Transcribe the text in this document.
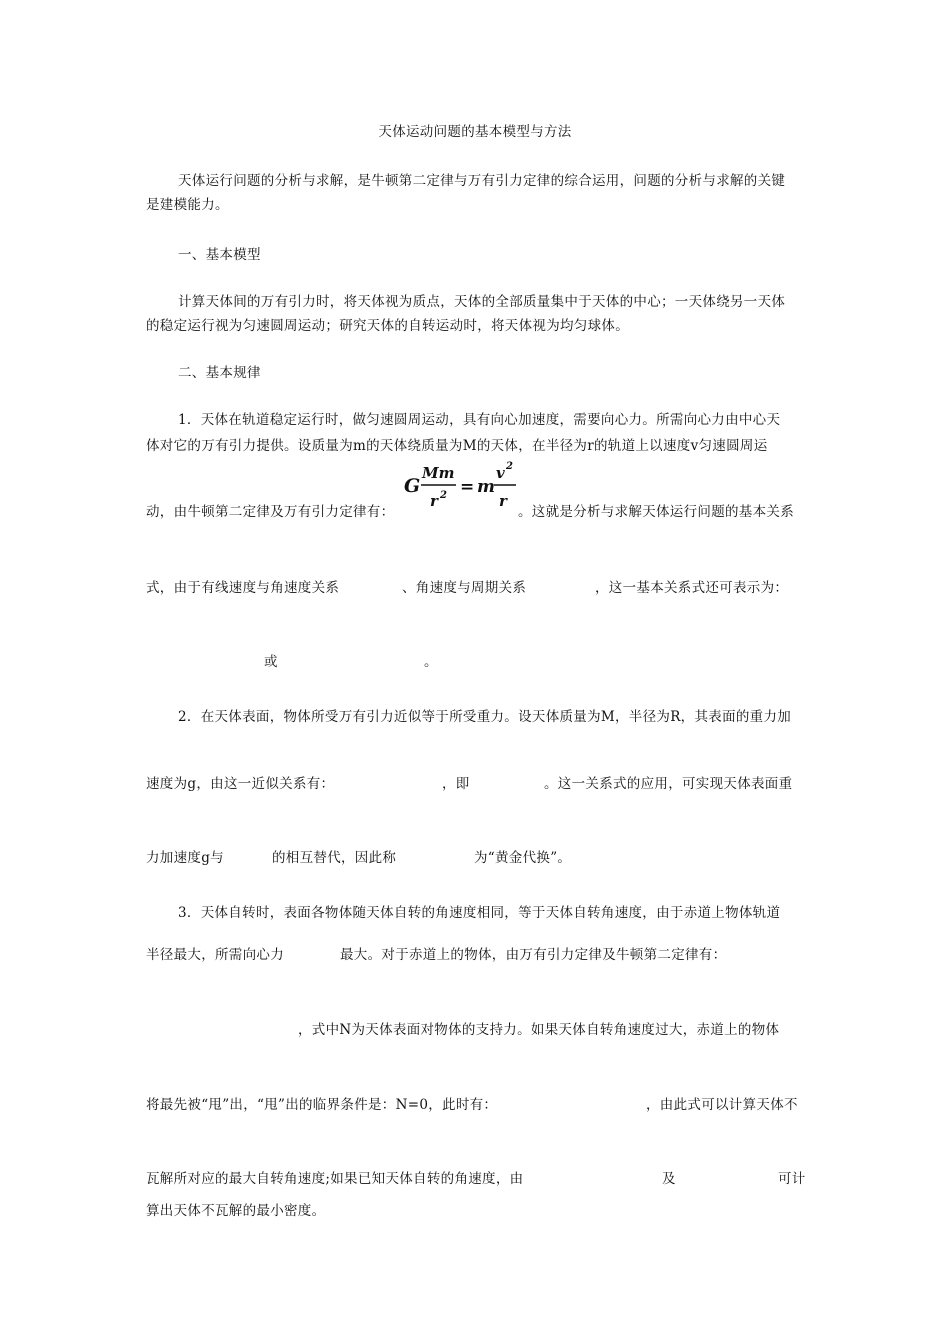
天体运动问题的基本模型与方法
天体运行问题的分析与求解，是牛顿第二定律与万有引力定律的综合运用，问题的分析与求解的关键
是建模能力。
一、基本模型
计算天体间的万有引力时，将天体视为质点，天体的全部质量集中于天体的中心；一天体绕另一天体
的稳定运行视为匀速圆周运动；研究天体的自转运动时，将天体视为均匀球体。
二、基本规律
1．天体在轨道稳定运行时，做匀速圆周运动，具有向心加速度，需要向心力。所需向心力由中心天
体对它的万有引力提供。设质量为m的天体绕质量为M的天体，在半径为r的轨道上以速度v匀速圆周运
动，由牛顿第二定律及万有引力定律有：
G
Mm
r 2 = m
v 2
r
。这就是分析与求解天体运行问题的基本关系
式，由于有线速度与角速度关系	、角速度与周期关系	，这一基本关系式还可表示为：
或	。
2．在天体表面，物体所受万有引力近似等于所受重力。设天体质量为M，半径为R，其表面的重力加
速度为g，由这一近似关系有：	，即	。这一关系式的应用，可实现天体表面重
力加速度g与	的相互替代，因此称	为“黄金代换”。
3．天体自转时，表面各物体随天体自转的角速度相同，等于天体自转角速度，由于赤道上物体轨道
半径最大，所需向心力	最大。对于赤道上的物体，由万有引力定律及牛顿第二定律有：
，式中N为天体表面对物体的支持力。如果天体自转角速度过大，赤道上的物体
将最先被“甩”出，“甩”出的临界条件是：N=0，此时有：	，由此式可以计算天体不
瓦解所对应的最大自转角速度;如果已知天体自转的角速度，由	及	可计
算出天体不瓦解的最小密度。
